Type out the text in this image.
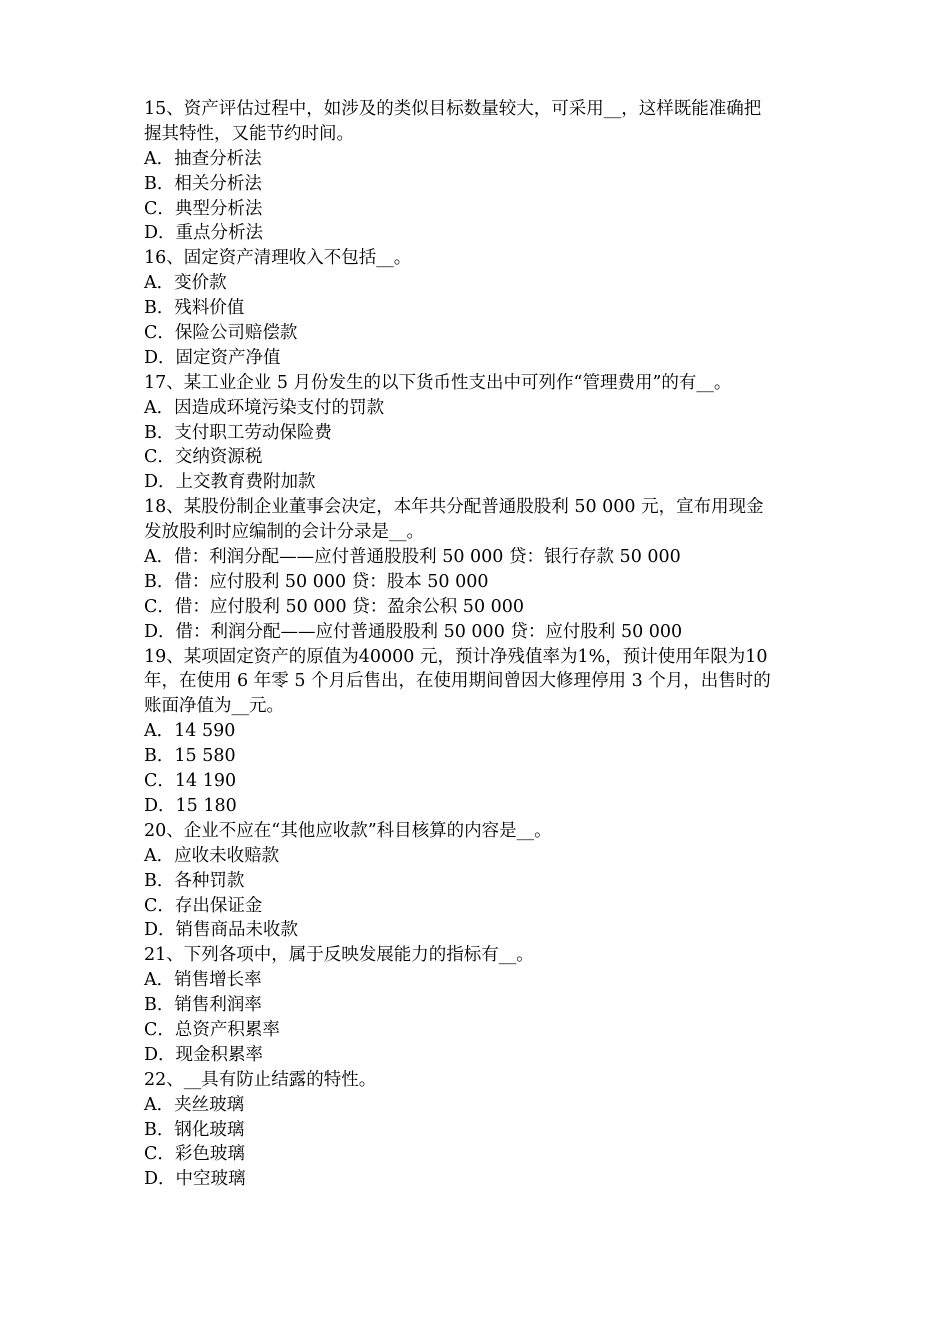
15、资产评估过程中，如涉及的类似目标数量较大，可采用__，这样既能准确把
握其特性，又能节约时间。
A．抽查分析法
B．相关分析法
C．典型分析法
D．重点分析法
16、固定资产清理收入不包括__。
A．变价款
B．残料价值
C．保险公司赔偿款
D．固定资产净值
17、某工业企业 5 月份发生的以下货币性支出中可列作“管理费用”的有__。
A．因造成环境污染支付的罚款
B．支付职工劳动保险费
C．交纳资源税
D．上交教育费附加款
18、某股份制企业董事会决定，本年共分配普通股股利 50 000 元，宣布用现金
发放股利时应编制的会计分录是__。
A．借：利润分配——应付普通股股利 50 000 贷：银行存款 50 000
B．借：应付股利 50 000 贷：股本 50 000
C．借：应付股利 50 000 贷：盈余公积 50 000
D．借：利润分配——应付普通股股利 50 000 贷：应付股利 50 000
19、某项固定资产的原值为40000 元，预计净残值率为1%，预计使用年限为10
年，在使用 6 年零 5 个月后售出，在使用期间曾因大修理停用 3 个月，出售时的
账面净值为__元。
A．14 590
B．15 580
C．14 190
D．15 180
20、企业不应在“其他应收款”科目核算的内容是__。
A．应收未收赔款
B．各种罚款
C．存出保证金
D．销售商品未收款
21、下列各项中，属于反映发展能力的指标有__。
A．销售增长率
B．销售利润率
C．总资产积累率
D．现金积累率
22、__具有防止结露的特性。
A．夹丝玻璃
B．钢化玻璃
C．彩色玻璃
D．中空玻璃
